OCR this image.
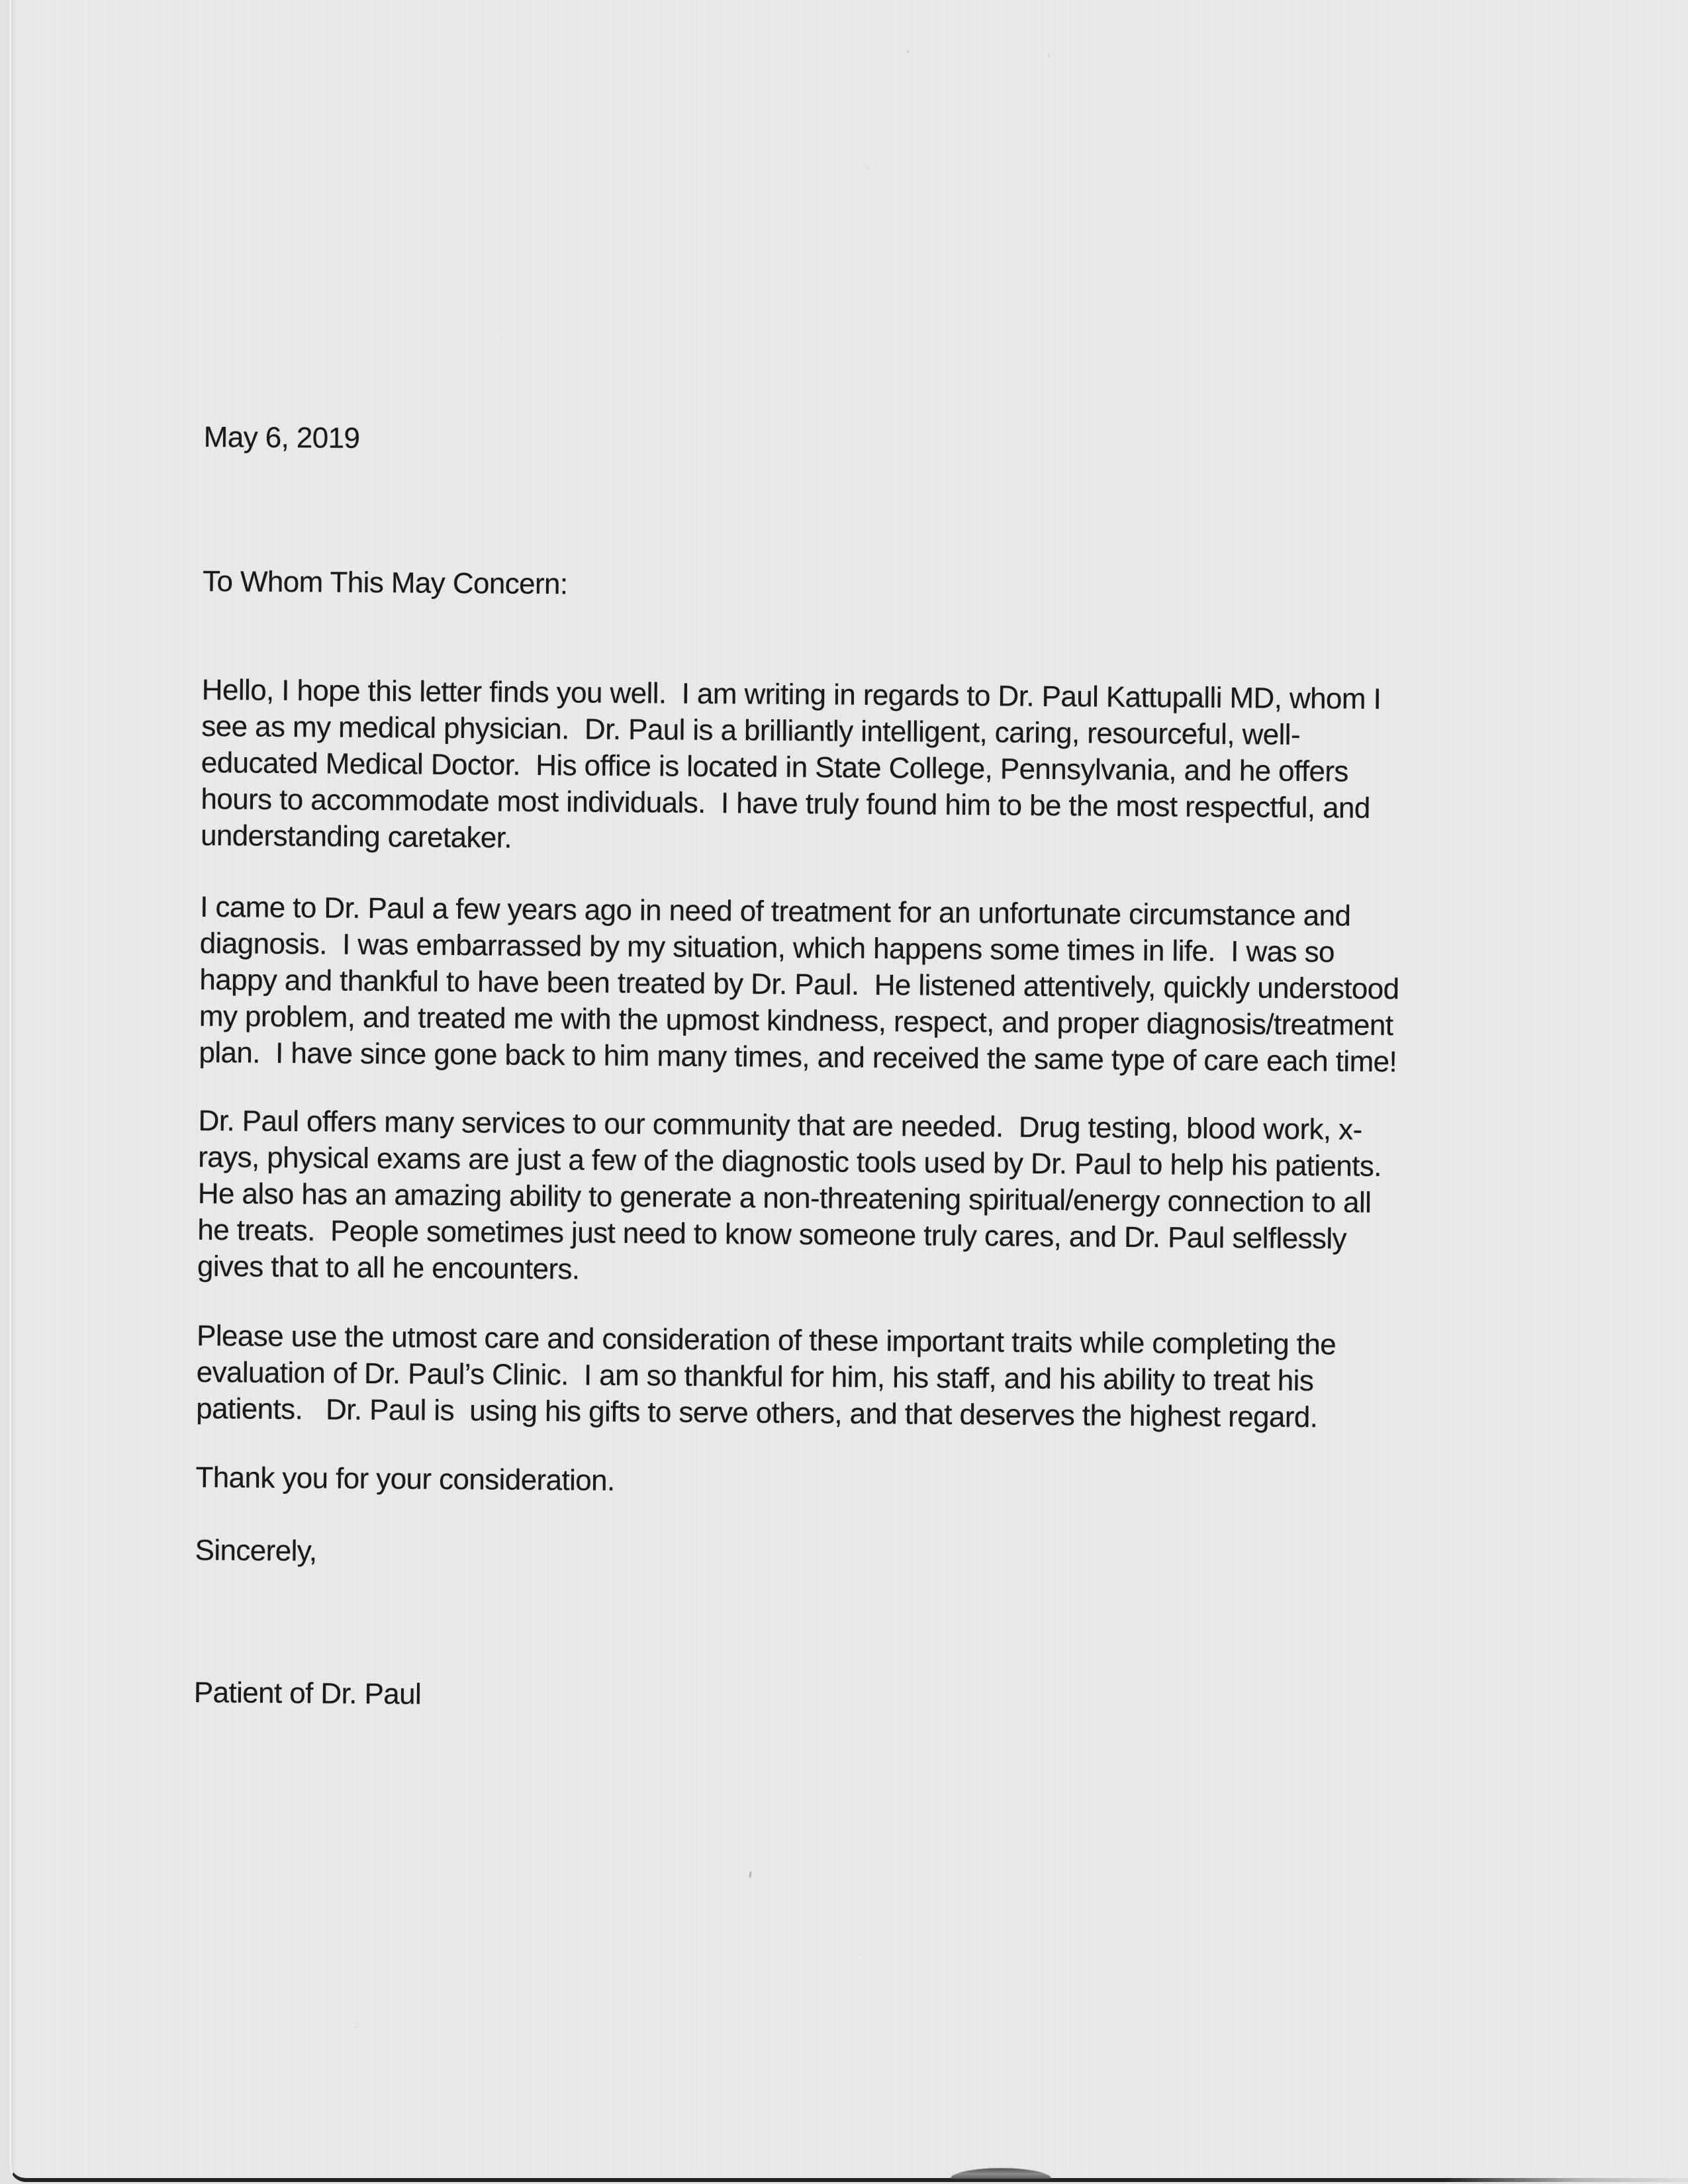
May 6, 2019
To Whom This May Concern:
Hello, I hope this letter finds you well.  I am writing in regards to Dr. Paul Kattupalli MD, whom I
see as my medical physician.  Dr. Paul is a brilliantly intelligent, caring, resourceful, well-
educated Medical Doctor.  His office is located in State College, Pennsylvania, and he offers
hours to accommodate most individuals.  I have truly found him to be the most respectful, and
understanding caretaker.
I came to Dr. Paul a few years ago in need of treatment for an unfortunate circumstance and
diagnosis.  I was embarrassed by my situation, which happens some times in life.  I was so
happy and thankful to have been treated by Dr. Paul.  He listened attentively, quickly understood
my problem, and treated me with the upmost kindness, respect, and proper diagnosis/treatment
plan.  I have since gone back to him many times, and received the same type of care each time!
Dr. Paul offers many services to our community that are needed.  Drug testing, blood work, x-
rays, physical exams are just a few of the diagnostic tools used by Dr. Paul to help his patients.
He also has an amazing ability to generate a non-threatening spiritual/energy connection to all
he treats.  People sometimes just need to know someone truly cares, and Dr. Paul selflessly
gives that to all he encounters.
Please use the utmost care and consideration of these important traits while completing the
evaluation of Dr. Paul’s Clinic.  I am so thankful for him, his staff, and his ability to treat his
patients.   Dr. Paul is  using his gifts to serve others, and that deserves the highest regard.
Thank you for your consideration.
Sincerely,
Patient of Dr. Paul
